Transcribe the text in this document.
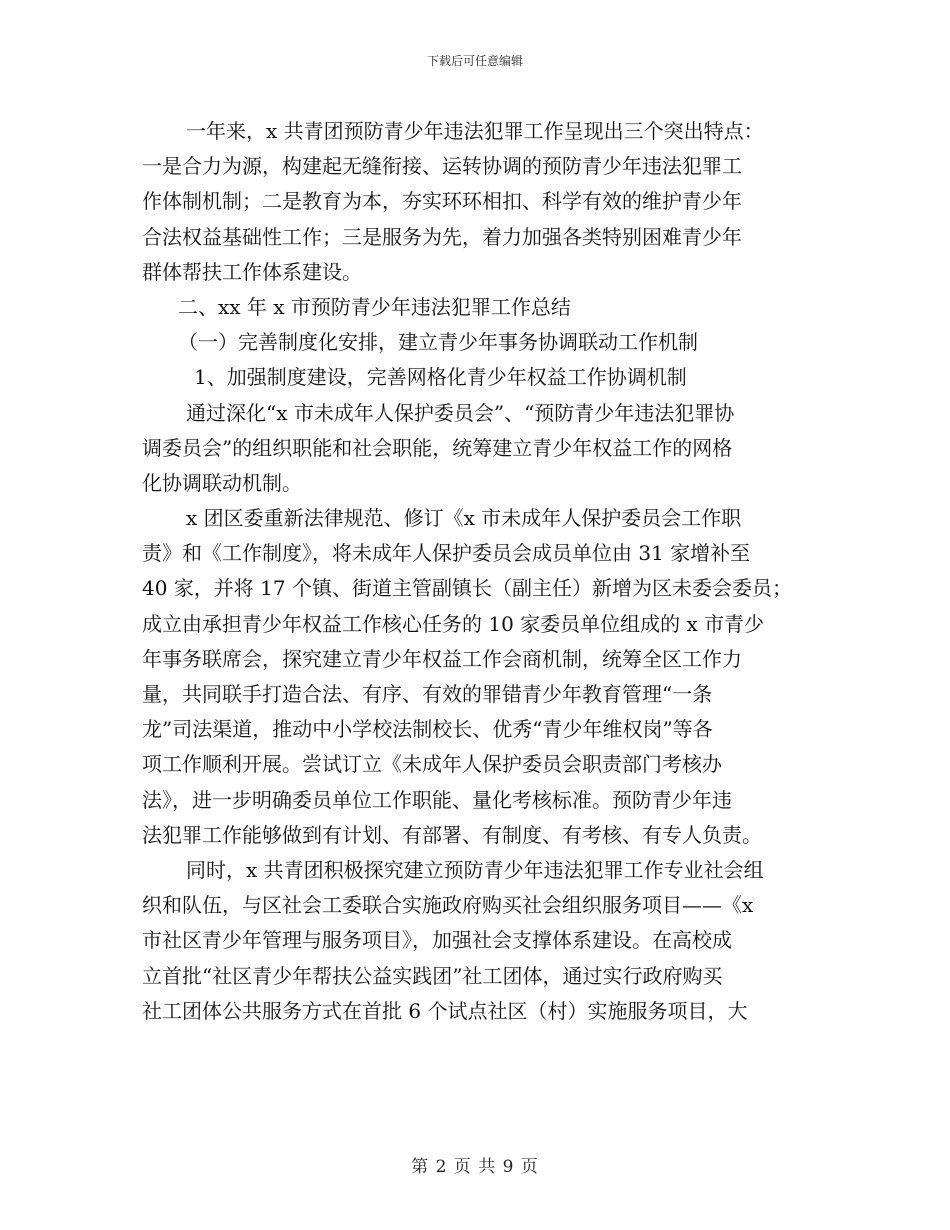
下载后可任意编辑
一年来，x 共青团预防青少年违法犯罪工作呈现出三个突出特点：
一是合力为源，构建起无缝衔接、运转协调的预防青少年违法犯罪工
作体制机制；二是教育为本，夯实环环相扣、科学有效的维护青少年
合法权益基础性工作；三是服务为先，着力加强各类特别困难青少年
群体帮扶工作体系建设。
二、xx 年 x 市预防青少年违法犯罪工作总结
（一）完善制度化安排，建立青少年事务协调联动工作机制
1、加强制度建设，完善网格化青少年权益工作协调机制
通过深化“x 市未成年人保护委员会”、“预防青少年违法犯罪协
调委员会”的组织职能和社会职能，统筹建立青少年权益工作的网格
化协调联动机制。
x 团区委重新法律规范、修订《x 市未成年人保护委员会工作职
责》和《工作制度》，将未成年人保护委员会成员单位由 31 家增补至
40 家，并将 17 个镇、街道主管副镇长（副主任）新增为区未委会委员；
成立由承担青少年权益工作核心任务的 10 家委员单位组成的 x 市青少
年事务联席会，探究建立青少年权益工作会商机制，统筹全区工作力
量，共同联手打造合法、有序、有效的罪错青少年教育管理“一条
龙”司法渠道，推动中小学校法制校长、优秀“青少年维权岗”等各
项工作顺利开展。尝试订立《未成年人保护委员会职责部门考核办
法》，进一步明确委员单位工作职能、量化考核标准。预防青少年违
法犯罪工作能够做到有计划、有部署、有制度、有考核、有专人负责。
同时，x 共青团积极探究建立预防青少年违法犯罪工作专业社会组
织和队伍，与区社会工委联合实施政府购买社会组织服务项目——《x
市社区青少年管理与服务项目》，加强社会支撑体系建设。在高校成
立首批“社区青少年帮扶公益实践团”社工团体，通过实行政府购买
社工团体公共服务方式在首批 6 个试点社区（村）实施服务项目，大
第 2 页 共 9 页
